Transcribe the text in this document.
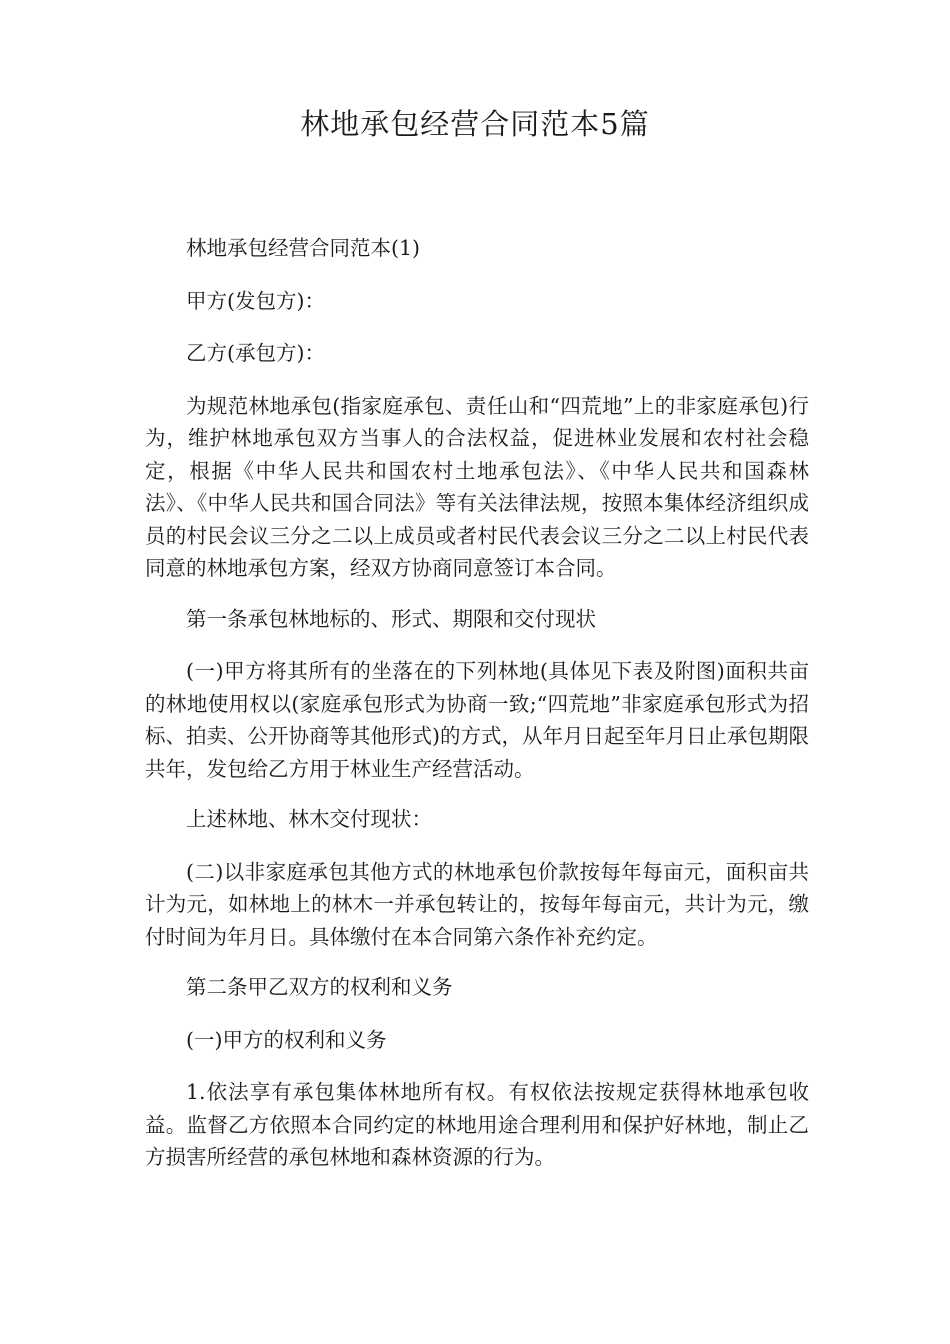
林地承包经营合同范本5篇

林地承包经营合同范本(1)

甲方(发包方)：

乙方(承包方)：

为规范林地承包(指家庭承包、责任山和“四荒地”上的非家庭承包)行为，维护林地承包双方当事人的合法权益，促进林业发展和农村社会稳定，根据《中华人民共和国农村土地承包法》、《中华人民共和国森林法》、《中华人民共和国合同法》等有关法律法规，按照本集体经济组织成员的村民会议三分之二以上成员或者村民代表会议三分之二以上村民代表同意的林地承包方案，经双方协商同意签订本合同。

第一条承包林地标的、形式、期限和交付现状

(一)甲方将其所有的坐落在的下列林地(具体见下表及附图)面积共亩的林地使用权以(家庭承包形式为协商一致;“四荒地”非家庭承包形式为招标、拍卖、公开协商等其他形式)的方式，从年月日起至年月日止承包期限共年，发包给乙方用于林业生产经营活动。

上述林地、林木交付现状：

(二)以非家庭承包其他方式的林地承包价款按每年每亩元，面积亩共计为元，如林地上的林木一并承包转让的，按每年每亩元，共计为元，缴付时间为年月日。具体缴付在本合同第六条作补充约定。

第二条甲乙双方的权利和义务

(一)甲方的权利和义务

1.依法享有承包集体林地所有权。有权依法按规定获得林地承包收益。监督乙方依照本合同约定的林地用途合理利用和保护好林地，制止乙方损害所经营的承包林地和森林资源的行为。
